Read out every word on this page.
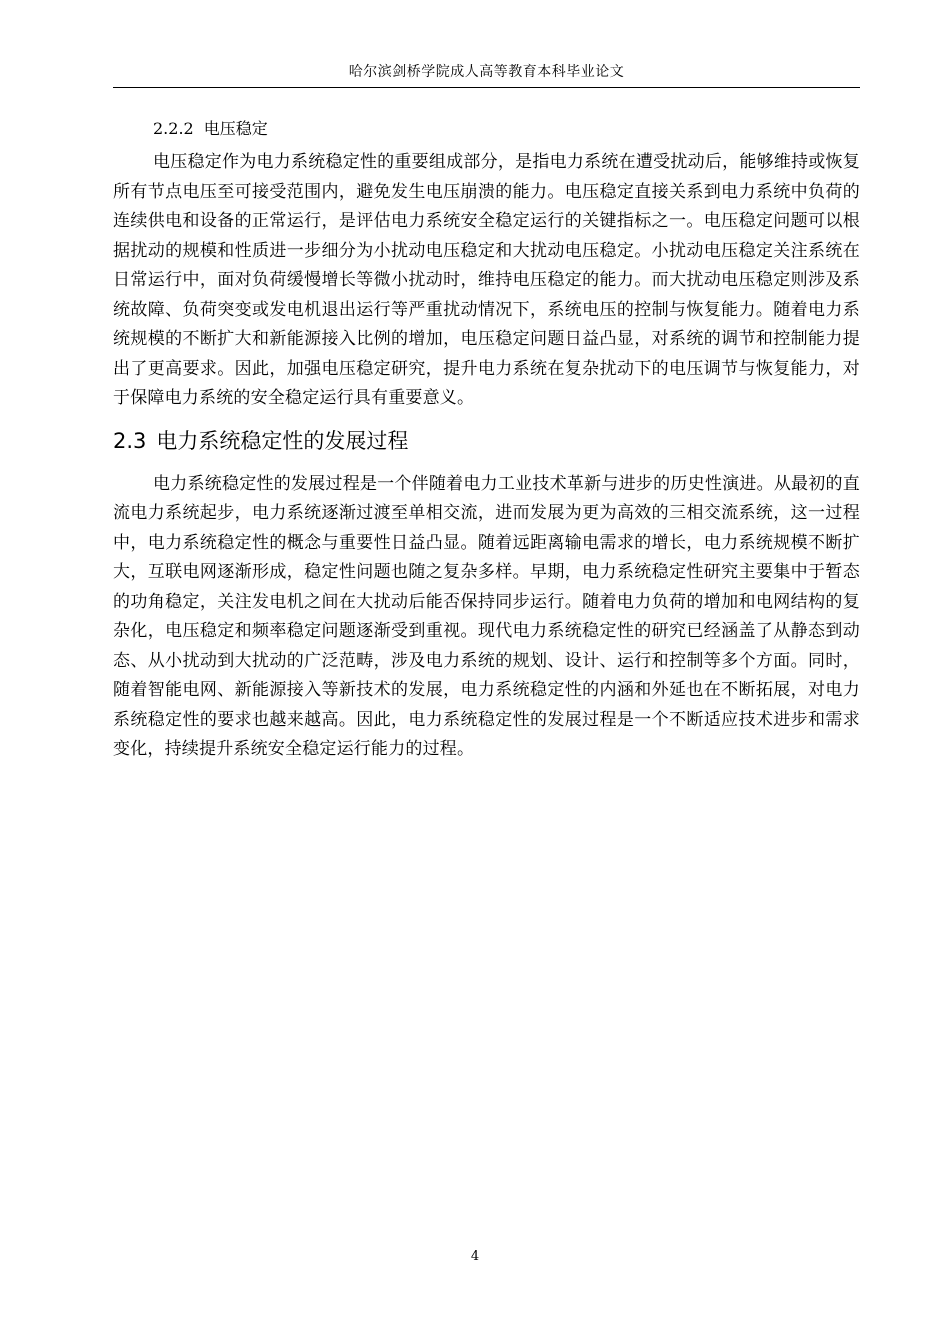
哈尔滨剑桥学院成人高等教育本科毕业论文
2.2.2 电压稳定

电压稳定作为电力系统稳定性的重要组成部分，是指电力系统在遭受扰动后，能够维持或恢复所有节点电压至可接受范围内，避免发生电压崩溃的能力。电压稳定直接关系到电力系统中负荷的连续供电和设备的正常运行，是评估电力系统安全稳定运行的关键指标之一。电压稳定问题可以根据扰动的规模和性质进一步细分为小扰动电压稳定和大扰动电压稳定。小扰动电压稳定关注系统在日常运行中，面对负荷缓慢增长等微小扰动时，维持电压稳定的能力。而大扰动电压稳定则涉及系统故障、负荷突变或发电机退出运行等严重扰动情况下，系统电压的控制与恢复能力。随着电力系统规模的不断扩大和新能源接入比例的增加，电压稳定问题日益凸显，对系统的调节和控制能力提出了更高要求。因此，加强电压稳定研究，提升电力系统在复杂扰动下的电压调节与恢复能力，对于保障电力系统的安全稳定运行具有重要意义。

2.3 电力系统稳定性的发展过程

电力系统稳定性的发展过程是一个伴随着电力工业技术革新与进步的历史性演进。从最初的直流电力系统起步，电力系统逐渐过渡至单相交流，进而发展为更为高效的三相交流系统，这一过程中，电力系统稳定性的概念与重要性日益凸显。随着远距离输电需求的增长，电力系统规模不断扩大，互联电网逐渐形成，稳定性问题也随之复杂多样。早期，电力系统稳定性研究主要集中于暂态的功角稳定，关注发电机之间在大扰动后能否保持同步运行。随着电力负荷的增加和电网结构的复杂化，电压稳定和频率稳定问题逐渐受到重视。现代电力系统稳定性的研究已经涵盖了从静态到动态、从小扰动到大扰动的广泛范畴，涉及电力系统的规划、设计、运行和控制等多个方面。同时，随着智能电网、新能源接入等新技术的发展，电力系统稳定性的内涵和外延也在不断拓展，对电力系统稳定性的要求也越来越高。因此，电力系统稳定性的发展过程是一个不断适应技术进步和需求变化，持续提升系统安全稳定运行能力的过程。

4
